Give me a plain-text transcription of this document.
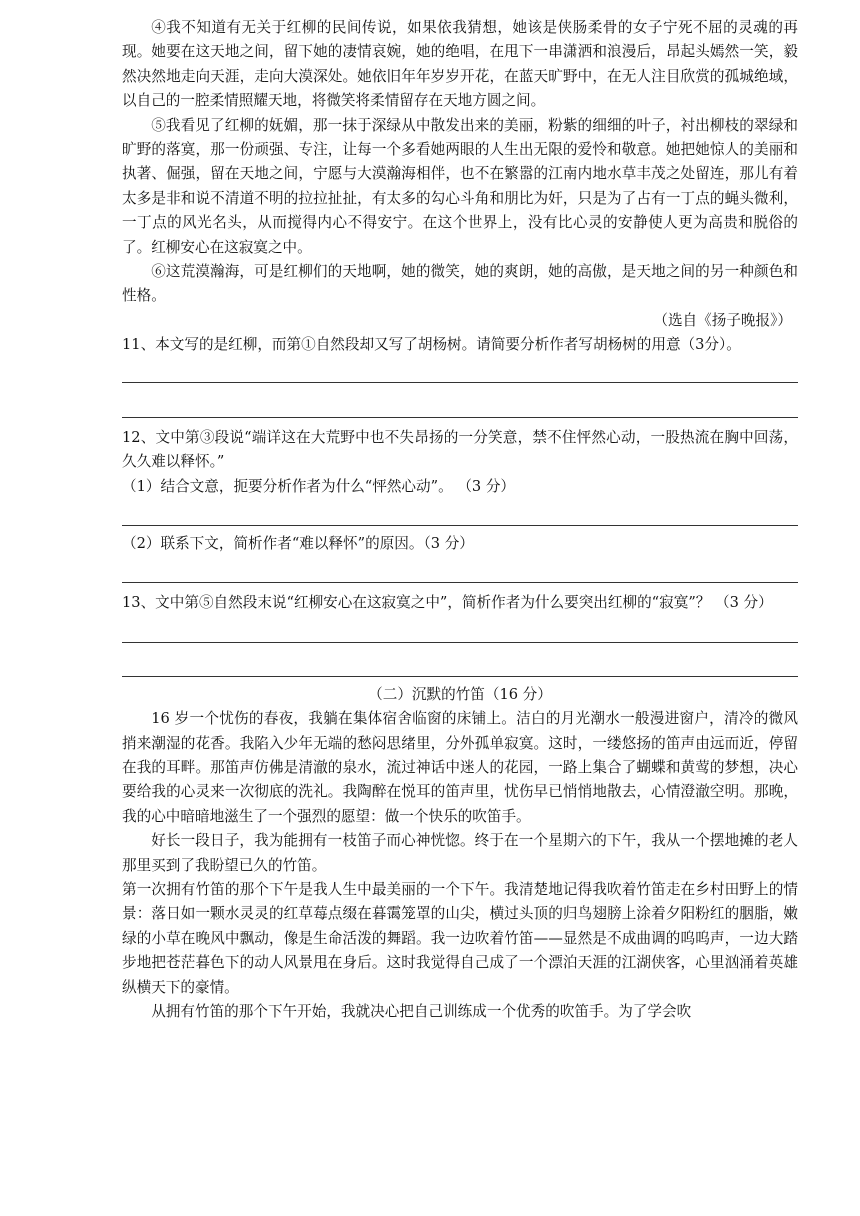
④我不知道有无关于红柳的民间传说，如果依我猜想，她该是侠肠柔骨的女子宁死不屈的灵魂的再现。她要在这天地之间，留下她的凄情哀婉，她的绝唱，在甩下一串潇洒和浪漫后，昂起头嫣然一笑，毅然决然地走向天涯，走向大漠深处。她依旧年年岁岁开花，在蓝天旷野中，在无人注目欣赏的孤城绝域，以自己的一腔柔情照耀天地，将微笑将柔情留存在天地方圆之间。

⑤我看见了红柳的妩媚，那一抹于深绿从中散发出来的美丽，粉紫的细细的叶子，衬出柳枝的翠绿和旷野的落寞，那一份顽强、专注，让每一个多看她两眼的人生出无限的爱怜和敬意。她把她惊人的美丽和执著、倔强，留在天地之间，宁愿与大漠瀚海相伴，也不在繁嚣的江南内地水草丰茂之处留连，那儿有着太多是非和说不清道不明的拉拉扯扯，有太多的勾心斗角和朋比为奸，只是为了占有一丁点的蝇头微利，一丁点的风光名头，从而搅得内心不得安宁。在这个世界上，没有比心灵的安静使人更为高贵和脱俗的了。红柳安心在这寂寞之中。

⑥这荒漠瀚海，可是红柳们的天地啊，她的微笑，她的爽朗，她的高傲，是天地之间的另一种颜色和性格。

（选自《扬子晚报》）

11、本文写的是红柳，而第①自然段却又写了胡杨树。请简要分析作者写胡杨树的用意（3分）。

12、文中第③段说“端详这在大荒野中也不失昂扬的一分笑意，禁不住怦然心动，一股热流在胸中回荡，久久难以释怀。”

（1）结合文意，扼要分析作者为什么“怦然心动”。 （3 分）

（2）联系下文，简析作者“难以释怀”的原因。（3 分）

13、文中第⑤自然段末说“红柳安心在这寂寞之中”，简析作者为什么要突出红柳的“寂寞”？ （3 分）

（二）沉默的竹笛（16 分）

16 岁一个忧伤的春夜，我躺在集体宿舍临窗的床铺上。洁白的月光潮水一般漫进窗户，清冷的微风捎来潮湿的花香。我陷入少年无端的愁闷思绪里，分外孤单寂寞。这时，一缕悠扬的笛声由远而近，停留在我的耳畔。那笛声仿佛是清澈的泉水，流过神话中迷人的花园，一路上集合了蝴蝶和黄莺的梦想，决心要给我的心灵来一次彻底的洗礼。我陶醉在悦耳的笛声里，忧伤早已悄悄地散去，心情澄澈空明。那晚，我的心中暗暗地滋生了一个强烈的愿望：做一个快乐的吹笛手。

好长一段日子，我为能拥有一枝笛子而心神恍惚。终于在一个星期六的下午，我从一个摆地摊的老人那里买到了我盼望已久的竹笛。

第一次拥有竹笛的那个下午是我人生中最美丽的一个下午。我清楚地记得我吹着竹笛走在乡村田野上的情景：落日如一颗水灵灵的红草莓点缀在暮霭笼罩的山尖，横过头顶的归鸟翅膀上涂着夕阳粉红的胭脂，嫩绿的小草在晚风中飘动，像是生命活泼的舞蹈。我一边吹着竹笛——显然是不成曲调的呜呜声，一边大踏步地把苍茫暮色下的动人风景甩在身后。这时我觉得自己成了一个漂泊天涯的江湖侠客，心里汹涌着英雄纵横天下的豪情。

从拥有竹笛的那个下午开始，我就决心把自己训练成一个优秀的吹笛手。为了学会吹
